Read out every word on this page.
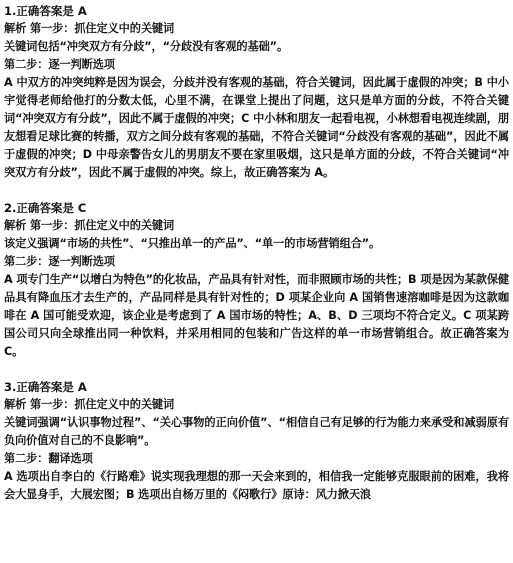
1.正确答案是 A
解析 第一步：抓住定义中的关键词
关键词包括“冲突双方有分歧”，“分歧没有客观的基础”。
第二步：逐一判断选项
A 中双方的冲突纯粹是因为误会，分歧并没有客观的基础，符合关键词，因此属于虚假的冲突；B 中小宇觉得老师给他打的分数太低，心里不满，在课堂上提出了问题，这只是单方面的分歧，不符合关键词“冲突双方有分歧”，因此不属于虚假的冲突；C 中小林和朋友一起看电视，小林想看电视连续剧，朋友想看足球比赛的转播，双方之间分歧有客观的基础，不符合关键词“分歧没有客观的基础”，因此不属于虚假的冲突；D 中母亲警告女儿的男朋友不要在家里吸烟，这只是单方面的分歧，不符合关键词“冲突双方有分歧”，因此不属于虚假的冲突。综上，故正确答案为 A。
2.正确答案是 C
解析 第一步：抓住定义中的关键词
该定义强调“市场的共性”、“只推出单一的产品”、“单一的市场营销组合”。
第二步：逐一判断选项
A 项专门生产“以增白为特色”的化妆品，产品具有针对性，而非照顾市场的共性；B 项是因为某款保健品具有降血压才去生产的，产品同样是具有针对性的；D 项某企业向 A 国销售速溶咖啡是因为这款咖啡在 A 国可能受欢迎，该企业是考虑到了 A 国市场的特性；A、B、D 三项均不符合定义。C 项某跨国公司只向全球推出同一种饮料，并采用相同的包装和广告这样的单一市场营销组合。故正确答案为 C。
3.正确答案是 A
解析 第一步：抓住定义中的关键词
关键词强调“认识事物过程”、“关心事物的正向价值”、“相信自己有足够的行为能力来承受和减弱原有负向价值对自己的不良影响”。
第二步：翻译选项
A 选项出自李白的《行路难》说实现我理想的那一天会来到的，相信我一定能够克服眼前的困难，我将会大显身手，大展宏图；B 选项出自杨万里的《闷歌行》原诗：风力掀天浪
